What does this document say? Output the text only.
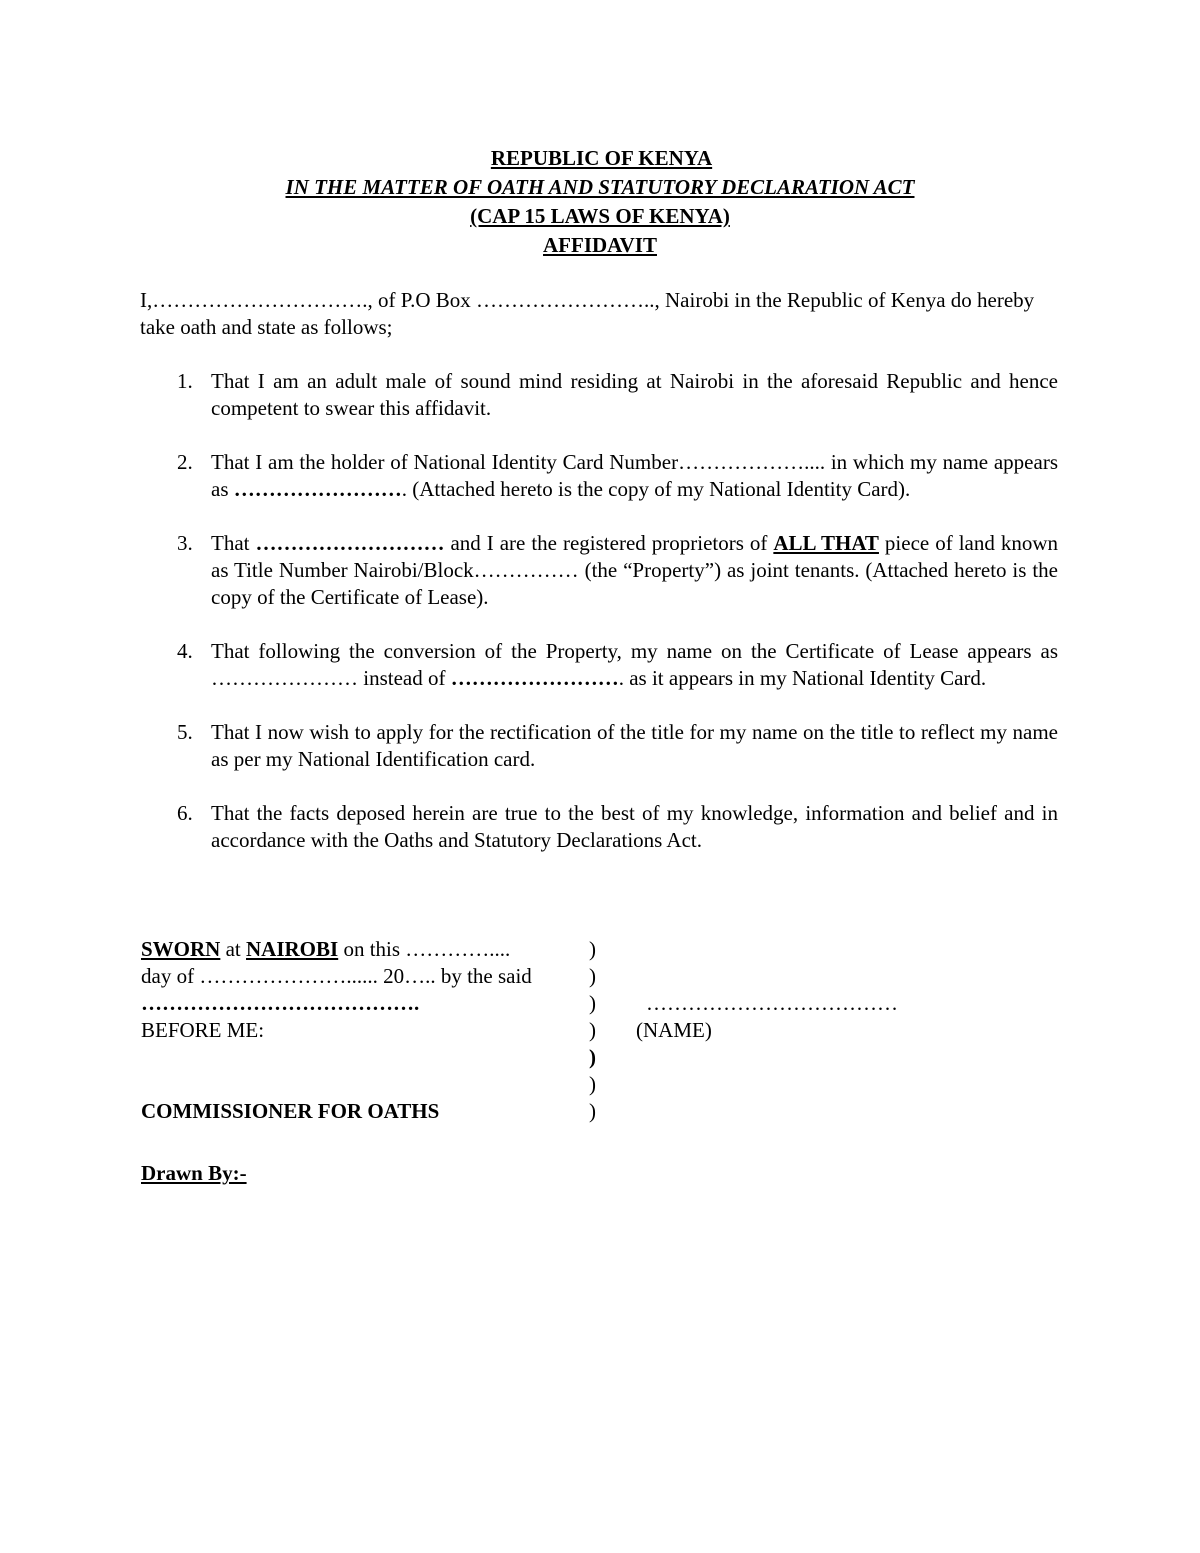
REPUBLIC OF KENYA
IN THE MATTER OF OATH AND STATUTORY DECLARATION ACT
(CAP 15 LAWS OF KENYA)
AFFIDAVIT
I,…………………………., of P.O Box …………………….., Nairobi in the Republic of Kenya do hereby take oath and state as follows;
1. That I am an adult male of sound mind residing at Nairobi in the aforesaid Republic and hence competent to swear this affidavit.
2. That I am the holder of National Identity Card Number……………….... in which my name appears as ……………………. (Attached hereto is the copy of my National Identity Card).
3. That ……………………… and I are the registered proprietors of ALL THAT piece of land known as Title Number Nairobi/Block…………… (the “Property”) as joint tenants. (Attached hereto is the copy of the Certificate of Lease).
4. That following the conversion of the Property, my name on the Certificate of Lease appears as ………………… instead of ……………………. as it appears in my National Identity Card.
5. That I now wish to apply for the rectification of the title for my name on the title to reflect my name as per my National Identification card.
6. That the facts deposed herein are true to the best of my knowledge, information and belief and in accordance with the Oaths and Statutory Declarations Act.
SWORN at NAIROBI on this …………....	)
day of …………………...... 20….. by the said	)
………………………………….	) ………………………………
BEFORE ME:	) (NAME)
)
)
COMMISSIONER FOR OATHS	)
Drawn By:-
